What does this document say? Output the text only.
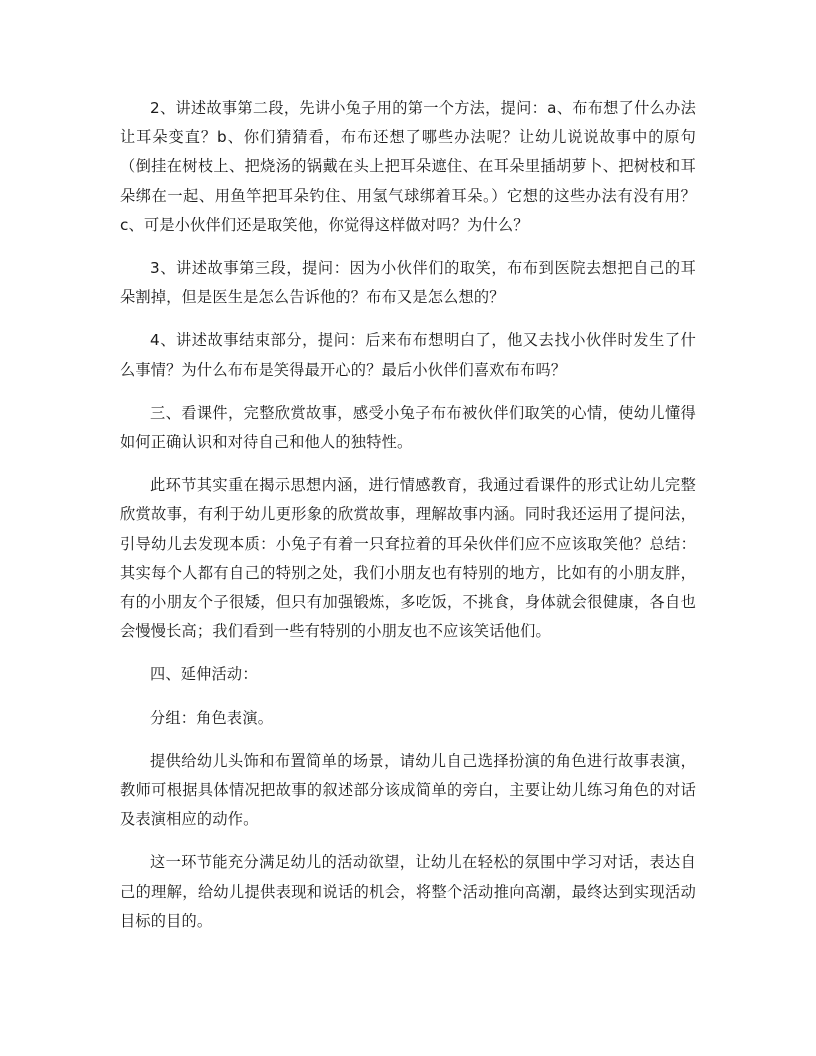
2、讲述故事第二段，先讲小兔子用的第一个方法，提问：a、布布想了什么办法让耳朵变直？b、你们猜猜看，布布还想了哪些办法呢？让幼儿说说故事中的原句（倒挂在树枝上、把烧汤的锅戴在头上把耳朵遮住、在耳朵里插胡萝卜、把树枝和耳朵绑在一起、用鱼竿把耳朵钓住、用氢气球绑着耳朵。）它想的这些办法有没有用？c、可是小伙伴们还是取笑他，你觉得这样做对吗？为什么？

3、讲述故事第三段，提问：因为小伙伴们的取笑，布布到医院去想把自己的耳朵割掉，但是医生是怎么告诉他的？布布又是怎么想的？

4、讲述故事结束部分，提问：后来布布想明白了，他又去找小伙伴时发生了什么事情？为什么布布是笑得最开心的？最后小伙伴们喜欢布布吗？

三、看课件，完整欣赏故事，感受小兔子布布被伙伴们取笑的心情，使幼儿懂得如何正确认识和对待自己和他人的独特性。

此环节其实重在揭示思想内涵，进行情感教育，我通过看课件的形式让幼儿完整欣赏故事，有利于幼儿更形象的欣赏故事，理解故事内涵。同时我还运用了提问法，引导幼儿去发现本质：小兔子有着一只耷拉着的耳朵伙伴们应不应该取笑他？总结：其实每个人都有自己的特别之处，我们小朋友也有特别的地方，比如有的小朋友胖，有的小朋友个子很矮，但只有加强锻炼，多吃饭，不挑食，身体就会很健康，各自也会慢慢长高；我们看到一些有特别的小朋友也不应该笑话他们。

四、延伸活动：

分组：角色表演。

提供给幼儿头饰和布置简单的场景，请幼儿自己选择扮演的角色进行故事表演，教师可根据具体情况把故事的叙述部分该成简单的旁白，主要让幼儿练习角色的对话及表演相应的动作。

这一环节能充分满足幼儿的活动欲望，让幼儿在轻松的氛围中学习对话，表达自己的理解，给幼儿提供表现和说话的机会，将整个活动推向高潮，最终达到实现活动目标的目的。
